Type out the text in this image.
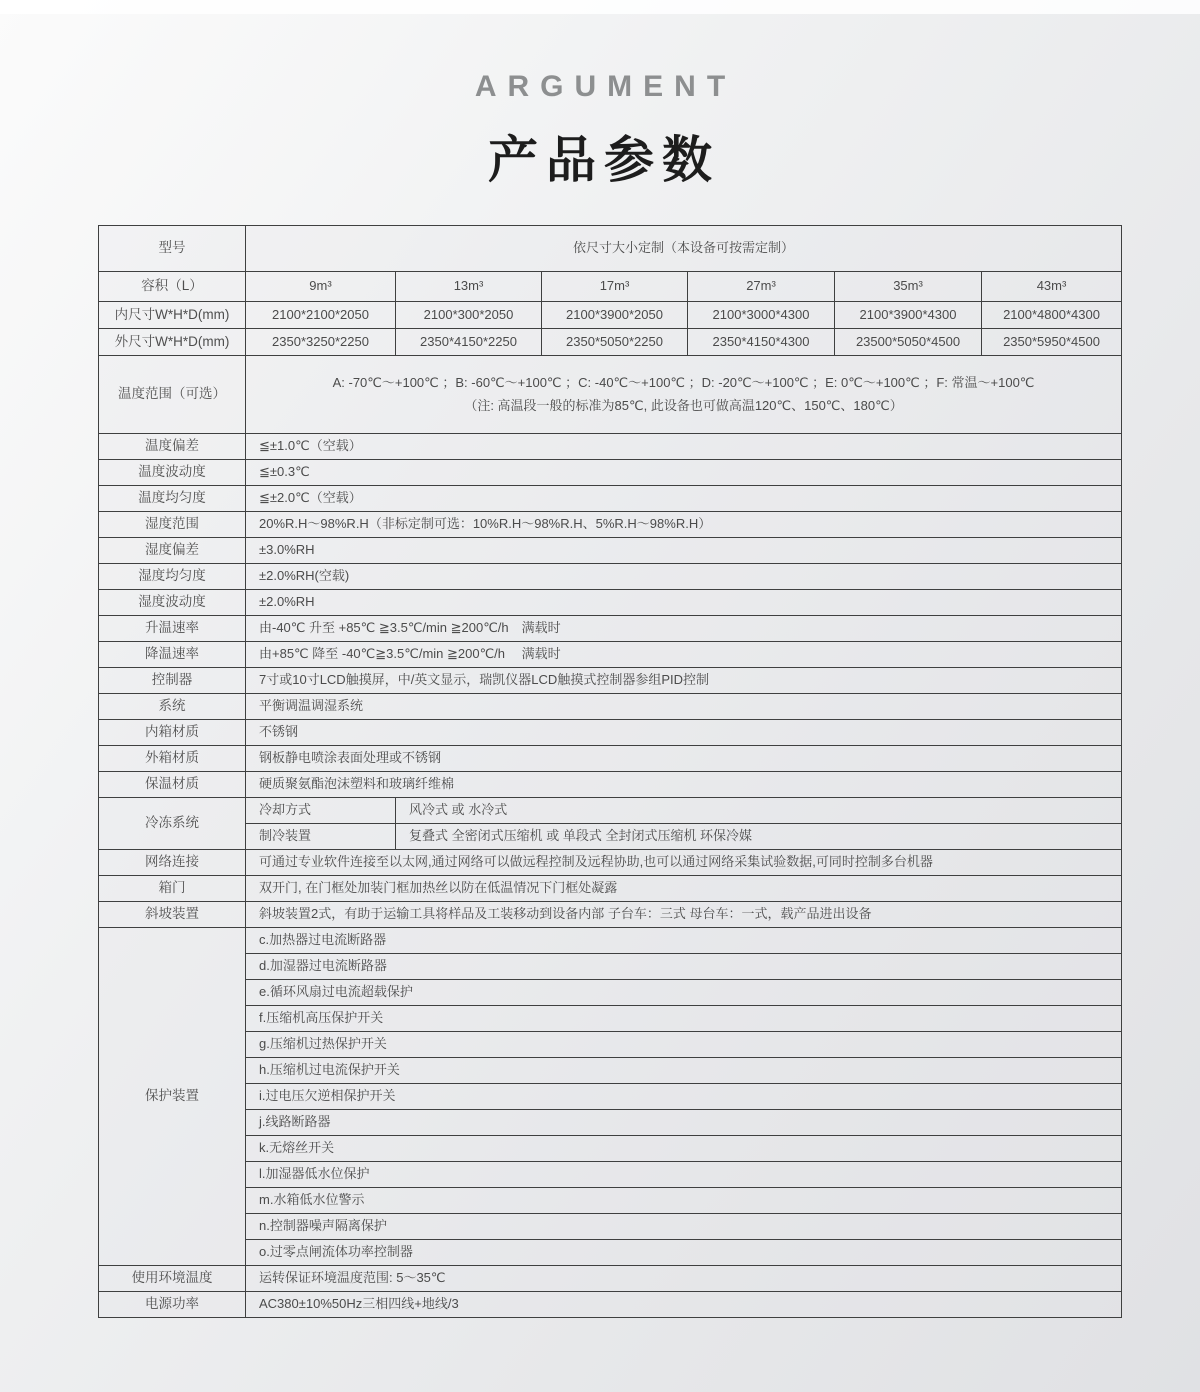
ARGUMENT
产品参数
型号	依尺寸大小定制（本设备可按需定制）					
容积（L）	9m³	13m³	17m³	27m³	35m³	43m³
内尺寸W*H*D(mm)	2100*2100*2050	2100*300*2050	2100*3900*2050	2100*3000*4300	2100*3900*4300	2100*4800*4300
外尺寸W*H*D(mm)	2350*3250*2250	2350*4150*2250	2350*5050*2250	2350*4150*4300	23500*5050*4500	2350*5950*4500
温度范围（可选）	A: -70℃～+100℃ ；B: -60℃～+100℃ ；C: -40℃～+100℃ ；D: -20℃～+100℃ ；E: 0℃～+100℃ ；F: 常温～+100℃
（注: 高温段一般的标准为85℃, 此设备也可做高温120℃、150℃、180℃）					

温度偏差	≦±1.0℃（空载）					
温度波动度	≦±0.3℃					
温度均匀度	≦±2.0℃（空载）					
湿度范围	20%R.H～98%R.H（非标定制可选：10%R.H～98%R.H、5%R.H～98%R.H）					
湿度偏差	±3.0%RH					
湿度均匀度	±2.0%RH(空载)					
湿度波动度	±2.0%RH					
升温速率	由-40℃ 升至 +85℃ ≧3.5℃/min ≧200℃/h　满载时					
降温速率	由+85℃ 降至 -40℃≧3.5℃/min ≧200℃/h　 满载时					
控制器	7寸或10寸LCD触摸屏，中/英文显示，瑞凯仪器LCD触摸式控制器参组PID控制					
系统	平衡调温调湿系统					
内箱材质	不锈钢					
外箱材质	钢板静电喷涂表面处理或不锈钢					
保温材质	硬质聚氨酯泡沫塑料和玻璃纤维棉					
冷冻系统	冷却方式	风冷式 或 水冷式				
	制冷装置	复叠式 全密闭式压缩机 或 单段式 全封闭式压缩机 环保冷媒				
网络连接	可通过专业软件连接至以太网,通过网络可以做远程控制及远程协助,也可以通过网络采集试验数据,可同时控制多台机器					
箱门	双开门, 在门框处加装门框加热丝以防在低温情况下门框处凝露					
斜坡装置	斜坡装置2式，有助于运输工具将样品及工装移动到设备内部 子台车：三式 母台车：一式，载产品进出设备					
保护装置	c.加热器过电流断路器					
	d.加湿器过电流断路器					
	e.循环风扇过电流超载保护					
	f.压缩机高压保护开关					
	g.压缩机过热保护开关					
	h.压缩机过电流保护开关					
	i.过电压欠逆相保护开关					
	j.线路断路器					
	k.无熔丝开关					
	l.加湿器低水位保护					
	m.水箱低水位警示					
	n.控制器噪声隔离保护					
	o.过零点闸流体功率控制器					
使用环境温度	运转保证环境温度范围: 5～35℃					
电源功率	AC380±10%50Hz三相四线+地线/3					
